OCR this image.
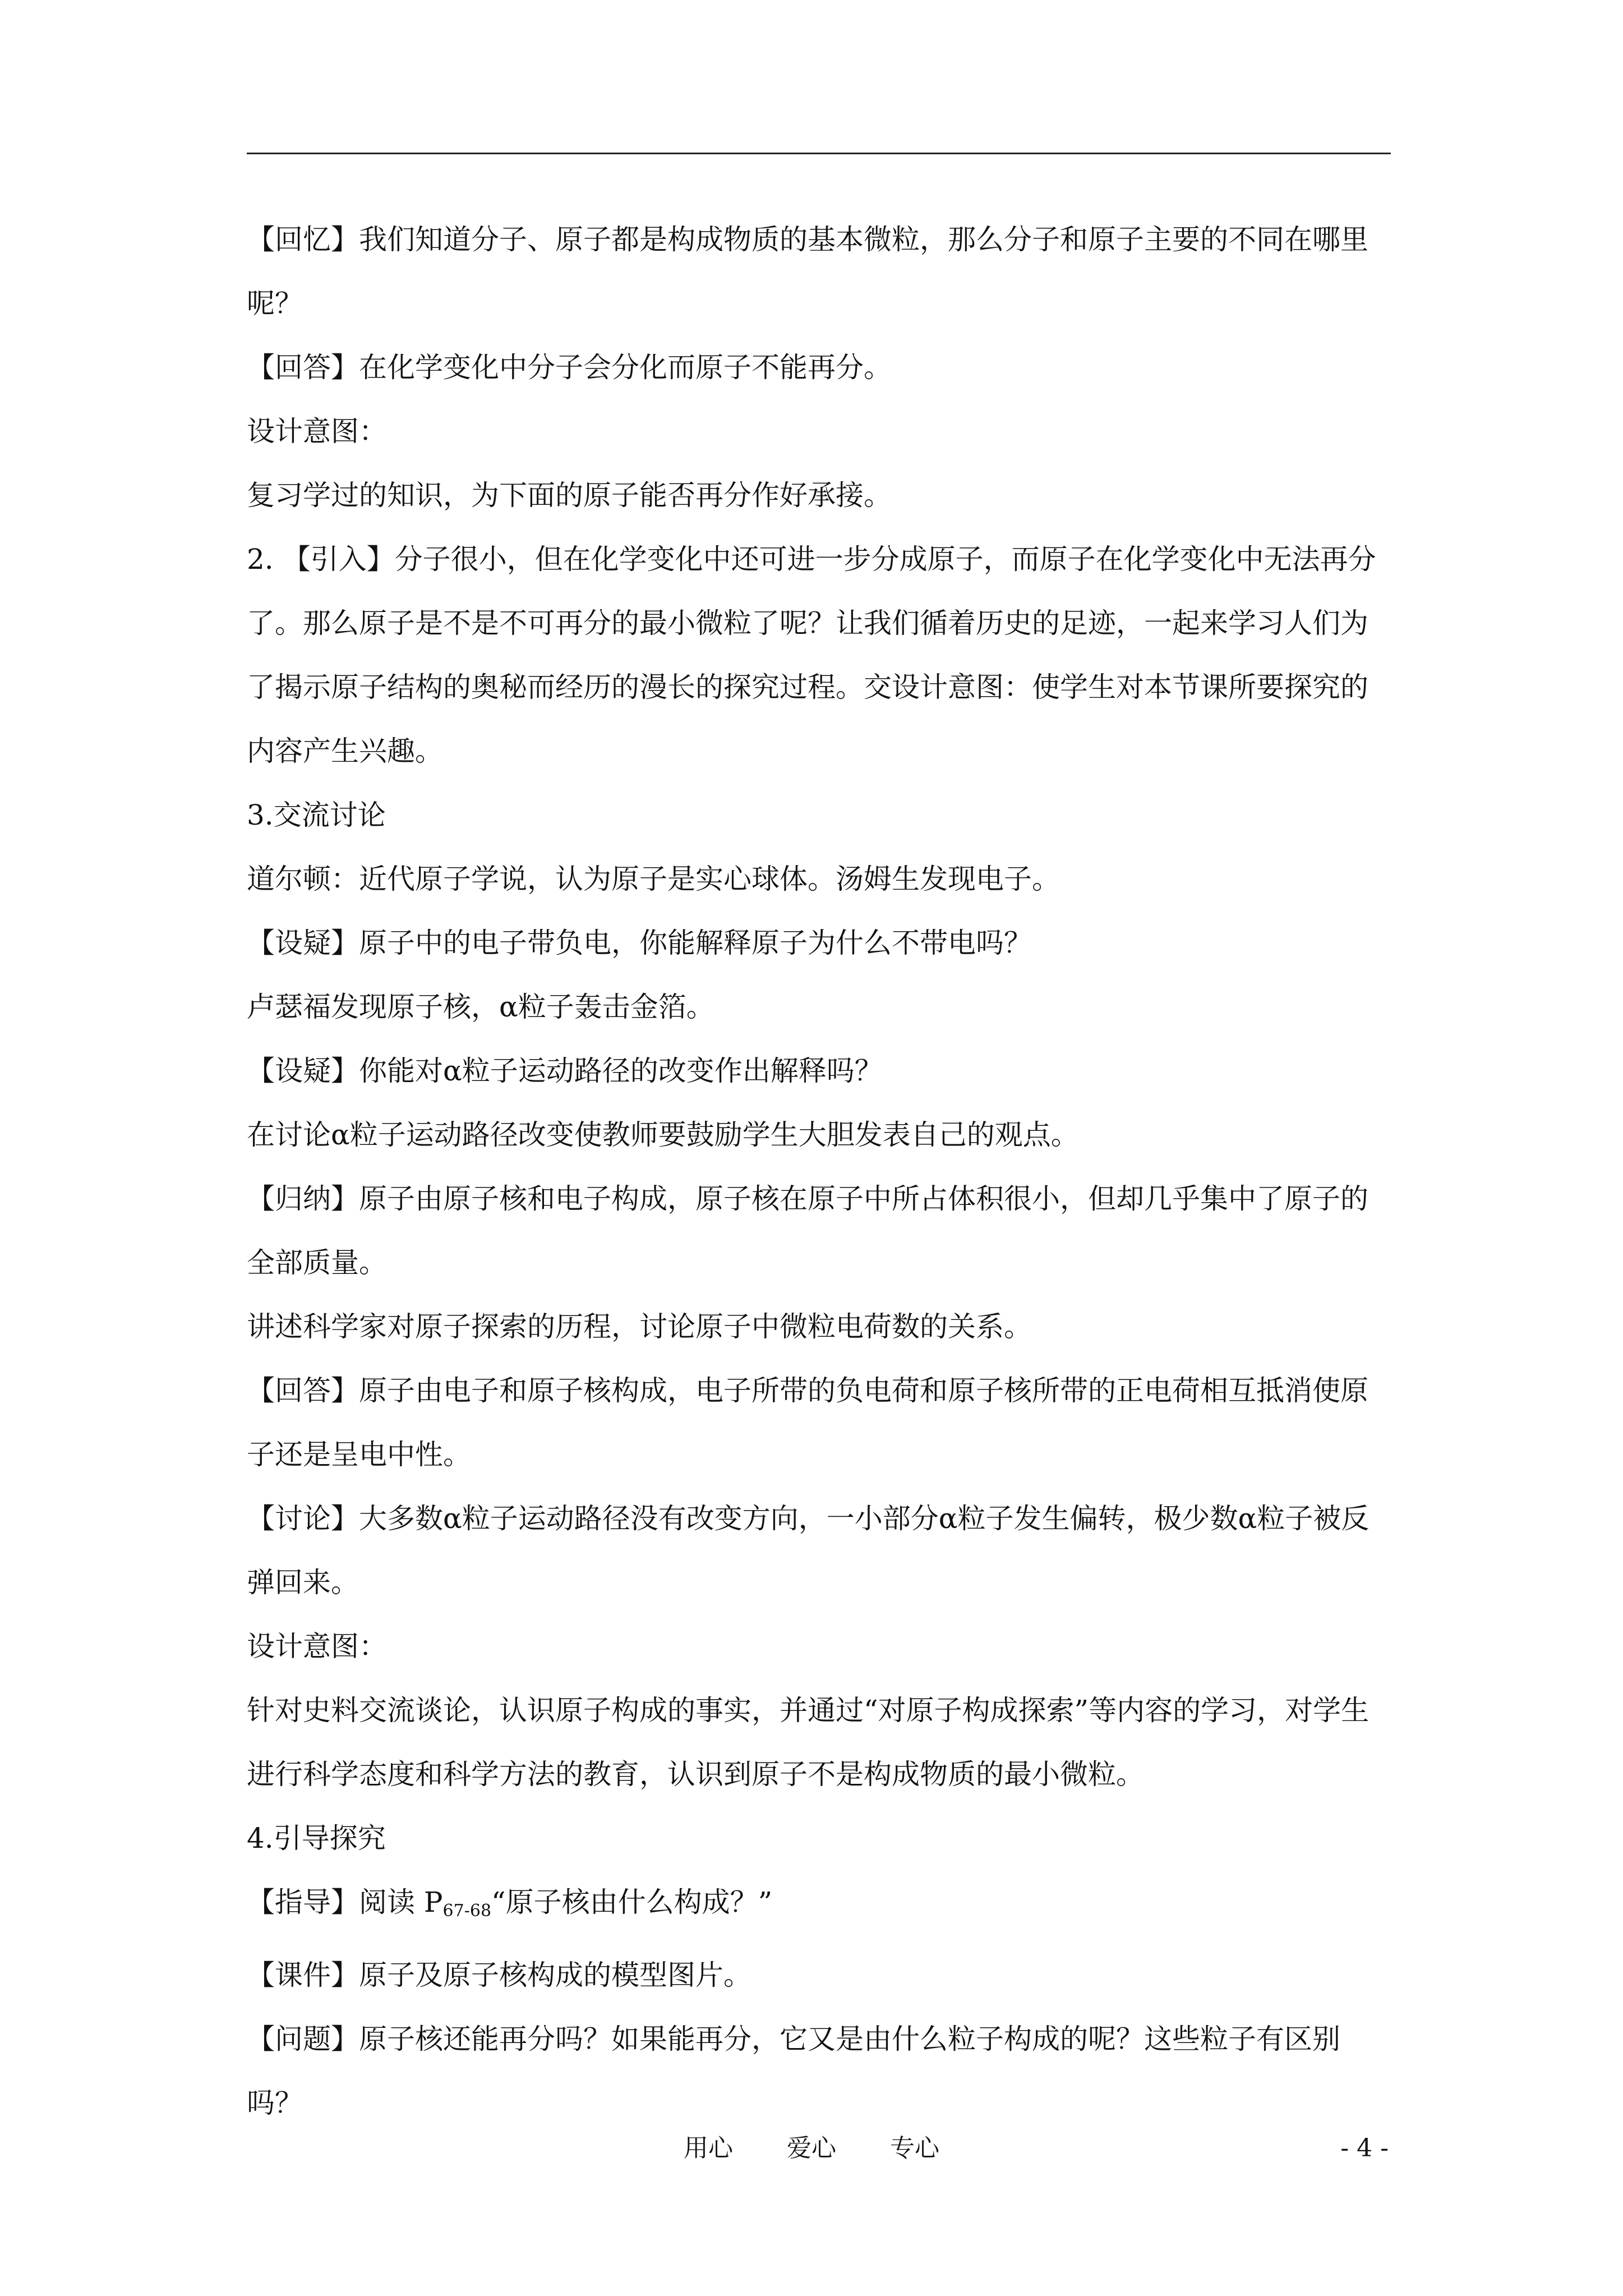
【回忆】我们知道分子、原子都是构成物质的基本微粒，那么分子和原子主要的不同在哪里呢？

【回答】在化学变化中分子会分化而原子不能再分。

设计意图：

复习学过的知识，为下面的原子能否再分作好承接。

2. 【引入】分子很小，但在化学变化中还可进一步分成原子，而原子在化学变化中无法再分了。那么原子是不是不可再分的最小微粒了呢？让我们循着历史的足迹，一起来学习人们为了揭示原子结构的奥秘而经历的漫长的探究过程。交设计意图：使学生对本节课所要探究的内容产生兴趣。

3.交流讨论

道尔顿：近代原子学说，认为原子是实心球体。汤姆生发现电子。

【设疑】原子中的电子带负电，你能解释原子为什么不带电吗？

卢瑟福发现原子核，α粒子轰击金箔。

【设疑】你能对α粒子运动路径的改变作出解释吗？

在讨论α粒子运动路径改变使教师要鼓励学生大胆发表自己的观点。

【归纳】原子由原子核和电子构成，原子核在原子中所占体积很小，但却几乎集中了原子的全部质量。

讲述科学家对原子探索的历程，讨论原子中微粒电荷数的关系。

【回答】原子由电子和原子核构成，电子所带的负电荷和原子核所带的正电荷相互抵消使原子还是呈电中性。

【讨论】大多数α粒子运动路径没有改变方向，一小部分α粒子发生偏转，极少数α粒子被反弹回来。

设计意图：

针对史料交流谈论，认识原子构成的事实，并通过“对原子构成探索”等内容的学习，对学生进行科学态度和科学方法的教育，认识到原子不是构成物质的最小微粒。

4.引导探究

【指导】阅读 $P_{67-68}“$原子核由什么构成？”

【课件】原子及原子核构成的模型图片。

【问题】原子核还能再分吗？如果能再分，它又是由什么粒子构成的呢？这些粒子有区别吗？

用心 爱心 专心	- 4 -
